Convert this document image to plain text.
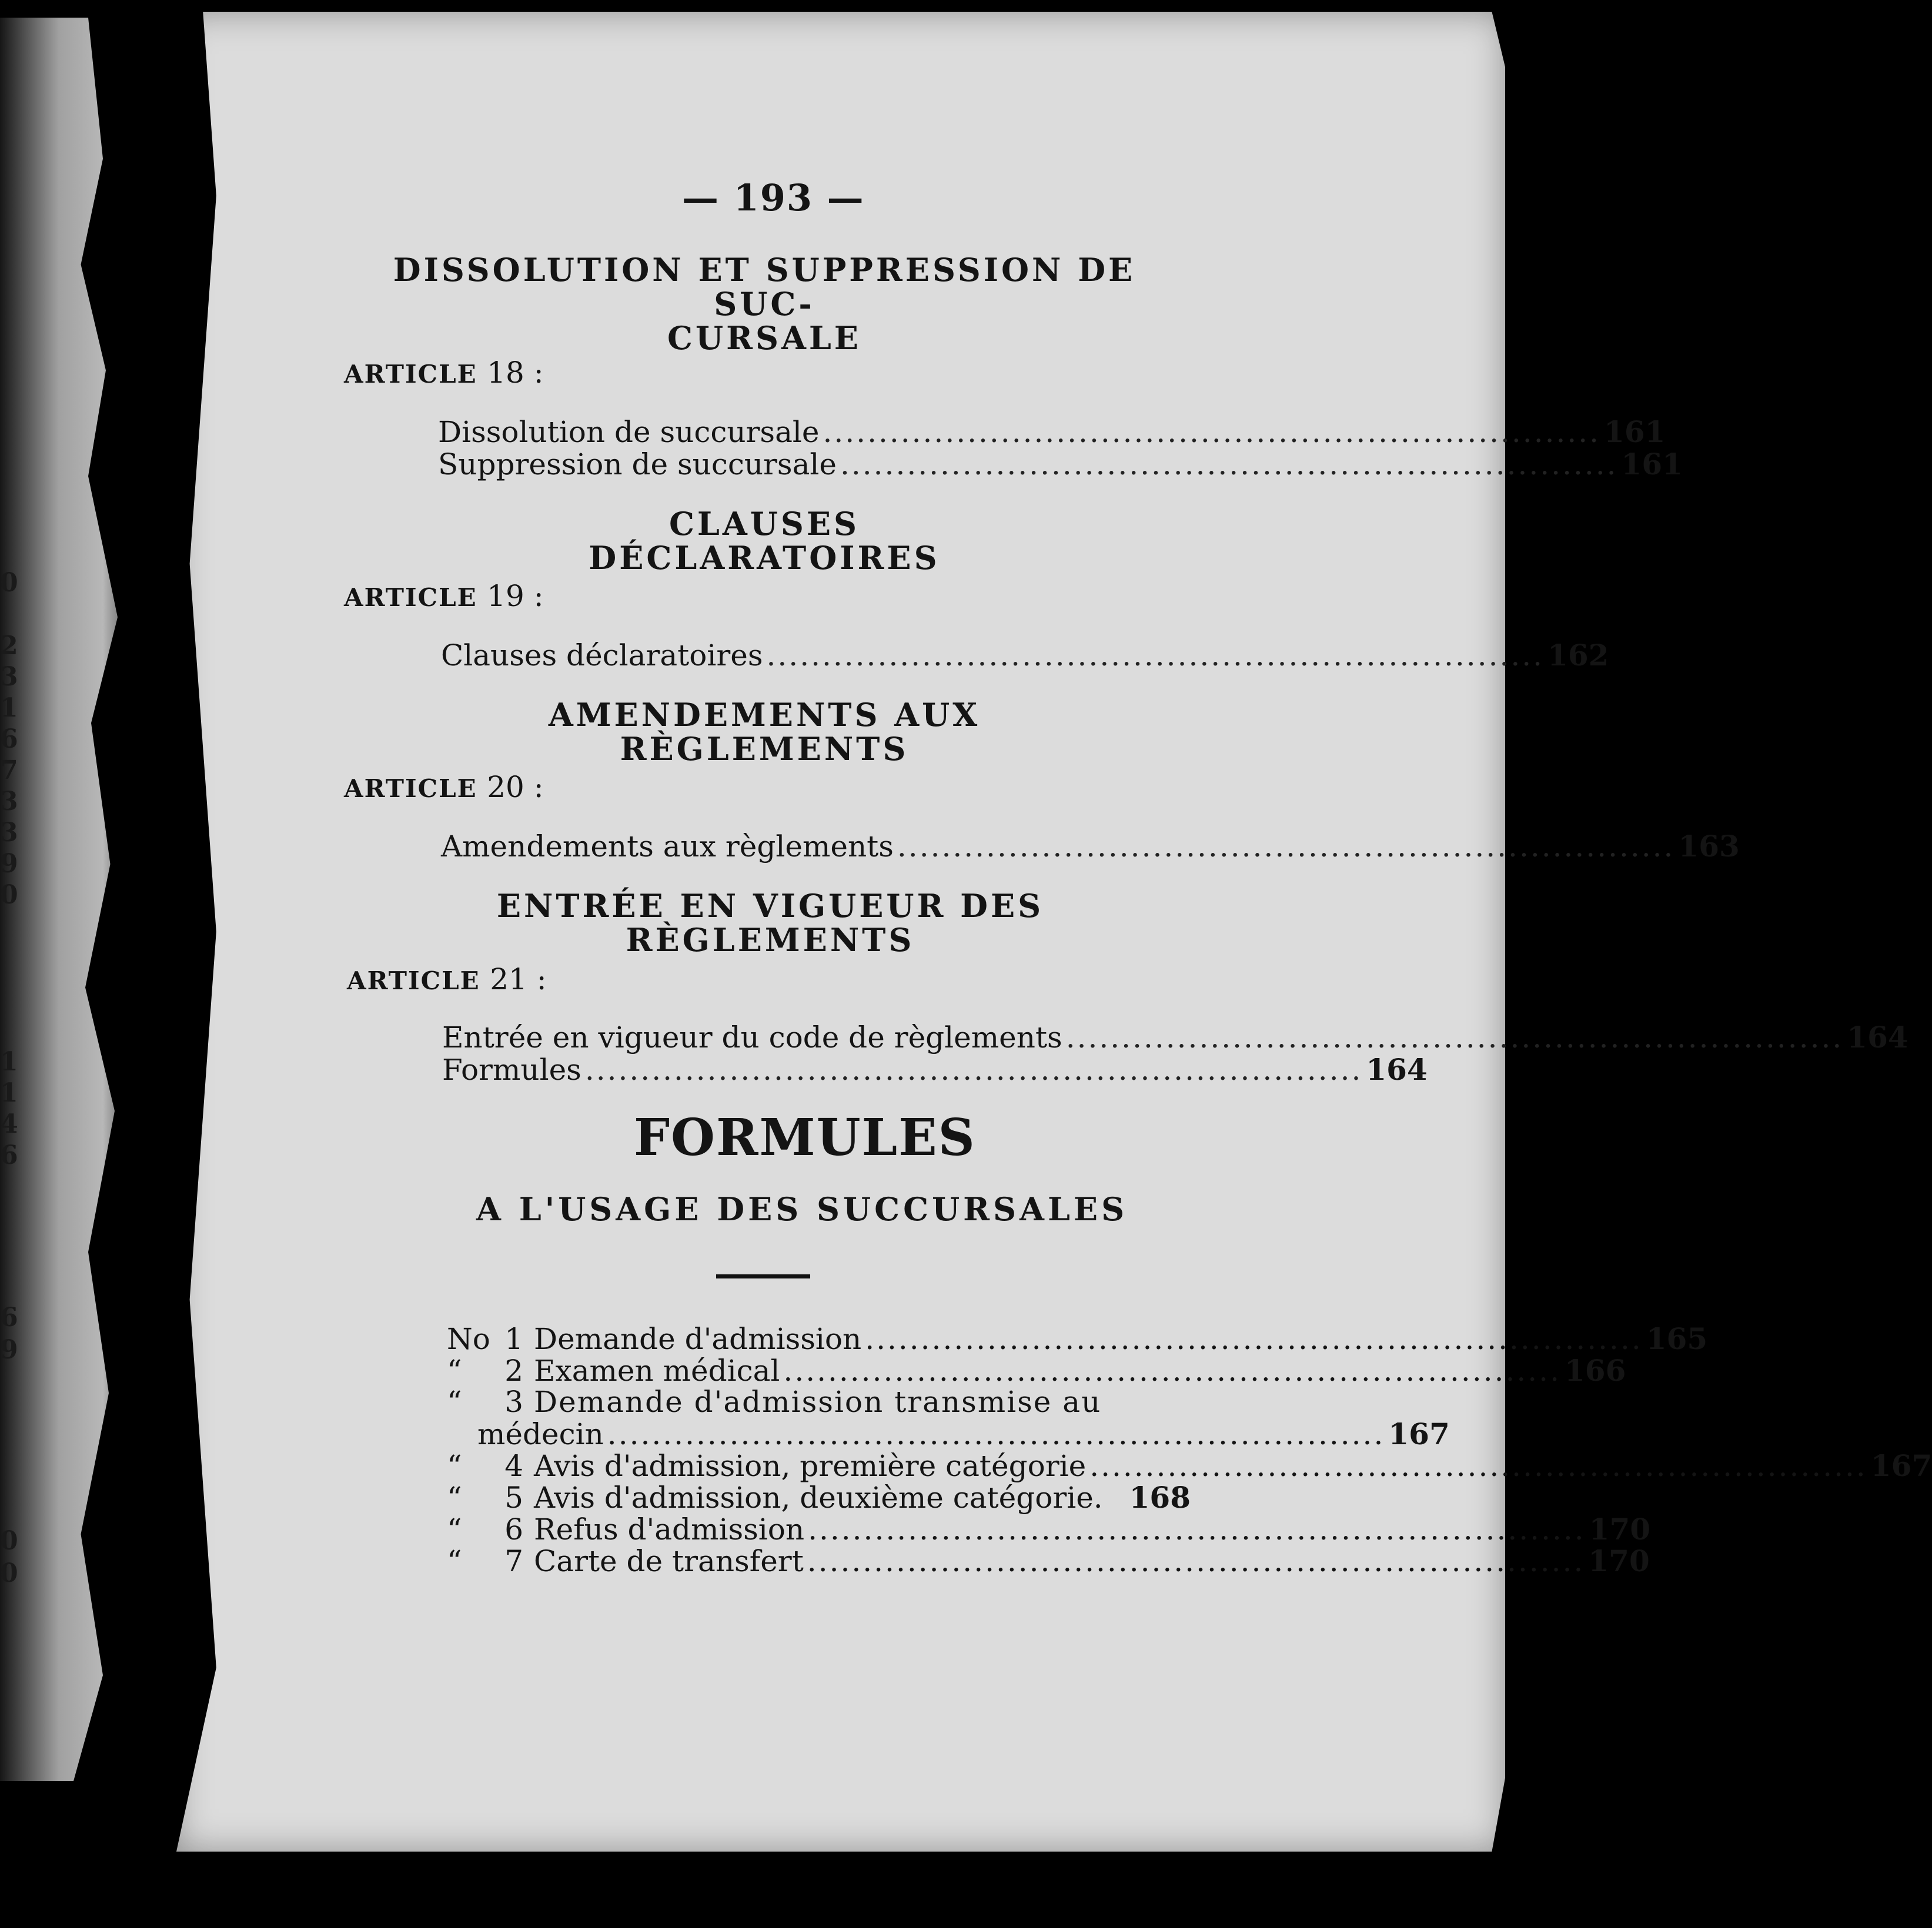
0
2
3
1
6
7
3
3
9
0
1
1
4
6
6
9
0
0
— 193 —
DISSOLUTION ET SUPPRESSION DE SUC-
CURSALE
ARTICLE 18 :
Dissolution de succursale ...................................................................... 161
Suppression de succursale ...................................................................... 161
CLAUSES DÉCLARATOIRES
ARTICLE 19 :
Clauses déclaratoires ...................................................................... 162
AMENDEMENTS AUX RÈGLEMENTS
ARTICLE 20 :
Amendements aux règlements ...................................................................... 163
ENTRÉE EN VIGUEUR DES RÈGLEMENTS
ARTICLE 21 :
Entrée en vigueur du code de règlements ...................................................................... 164
Formules ...................................................................... 164
FORMULES
A L'USAGE DES SUCCURSALES
No 1 Demande d'admission ...................................................................... 165
“	2 Examen médical ...................................................................... 166
“	3 Demande d'admission transmise au
médecin ...................................................................... 167
“	4 Avis d'admission, première catégorie ...................................................................... 167
“	5 Avis d'admission, deuxième catégorie. 168
“	6 Refus d'admission ...................................................................... 170
“	7 Carte de transfert ...................................................................... 170
